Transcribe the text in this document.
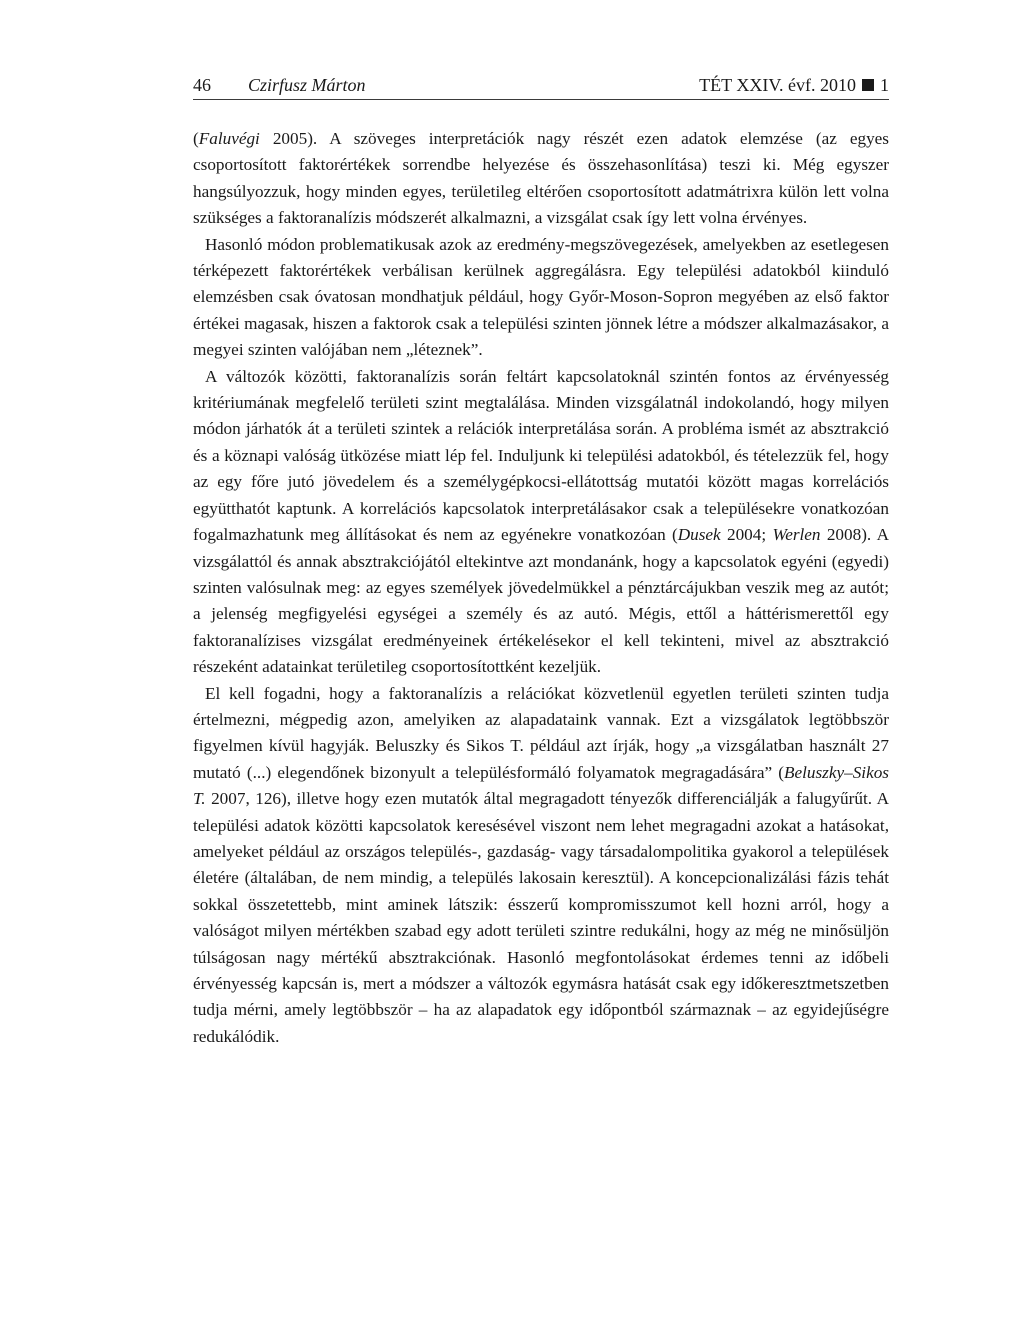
46 Czirfusz Márton	TÉT XXIV. évf. 2010 1

(Faluvégi 2005). A szöveges interpretációk nagy részét ezen adatok elemzése (az egyes csoportosított faktorértékek sorrendbe helyezése és összehasonlítása) teszi ki. Még egyszer hangsúlyozzuk, hogy minden egyes, területileg eltérően csoportosított adatmátrixra külön lett volna szükséges a faktoranalízis módszerét alkalmazni, a vizsgálat csak így lett volna érvényes.

Hasonló módon problematikusak azok az eredmény-megszövegezések, amelyekben az esetlegesen térképezett faktorértékek verbálisan kerülnek aggregálásra. Egy települési adatokból kiinduló elemzésben csak óvatosan mondhatjuk például, hogy Győr-Moson-Sopron megyében az első faktor értékei magasak, hiszen a faktorok csak a települési szinten jönnek létre a módszer alkalmazásakor, a megyei szinten valójában nem „léteznek”.

A változók közötti, faktoranalízis során feltárt kapcsolatoknál szintén fontos az érvényesség kritériumának megfelelő területi szint megtalálása. Minden vizsgálatnál indokolandó, hogy milyen módon járhatók át a területi szintek a relációk interpretálása során. A probléma ismét az absztrakció és a köznapi valóság ütközése miatt lép fel. Induljunk ki települési adatokból, és tételezzük fel, hogy az egy főre jutó jövedelem és a személygépkocsi-ellátottság mutatói között magas korrelációs együtthatót kaptunk. A korrelációs kapcsolatok interpretálásakor csak a településekre vonatkozóan fogalmazhatunk meg állításokat és nem az egyénekre vonatkozóan (Dusek 2004; Werlen 2008). A vizsgálattól és annak absztrakciójától eltekintve azt mondanánk, hogy a kapcsolatok egyéni (egyedi) szinten valósulnak meg: az egyes személyek jövedelmükkel a pénztárcájukban veszik meg az autót; a jelenség megfigyelési egységei a személy és az autó. Mégis, ettől a háttérismerettől egy faktoranalízises vizsgálat eredményeinek értékelésekor el kell tekinteni, mivel az absztrakció részeként adatainkat területileg csoportosítottként kezeljük.

El kell fogadni, hogy a faktoranalízis a relációkat közvetlenül egyetlen területi szinten tudja értelmezni, mégpedig azon, amelyiken az alapadataink vannak. Ezt a vizsgálatok legtöbbször figyelmen kívül hagyják. Beluszky és Sikos T. például azt írják, hogy „a vizsgálatban használt 27 mutató (...) elegendőnek bizonyult a településformáló folyamatok megragadására” (Beluszky–Sikos T. 2007, 126), illetve hogy ezen mutatók által megragadott tényezők differenciálják a falugyűrűt. A települési adatok közötti kapcsolatok keresésével viszont nem lehet megragadni azokat a hatásokat, amelyeket például az országos település-, gazdaság- vagy társadalompolitika gyakorol a települések életére (általában, de nem mindig, a település lakosain keresztül). A koncepcionalizálási fázis tehát sokkal összetettebb, mint aminek látszik: ésszerű kompromisszumot kell hozni arról, hogy a valóságot milyen mértékben szabad egy adott területi szintre redukálni, hogy az még ne minősüljön túlságosan nagy mértékű absztrakciónak. Hasonló megfontolásokat érdemes tenni az időbeli érvényesség kapcsán is, mert a módszer a változók egymásra hatását csak egy időkeresztmetszetben tudja mérni, amely legtöbbször – ha az alapadatok egy időpontból származnak – az egyidejűségre redukálódik.
